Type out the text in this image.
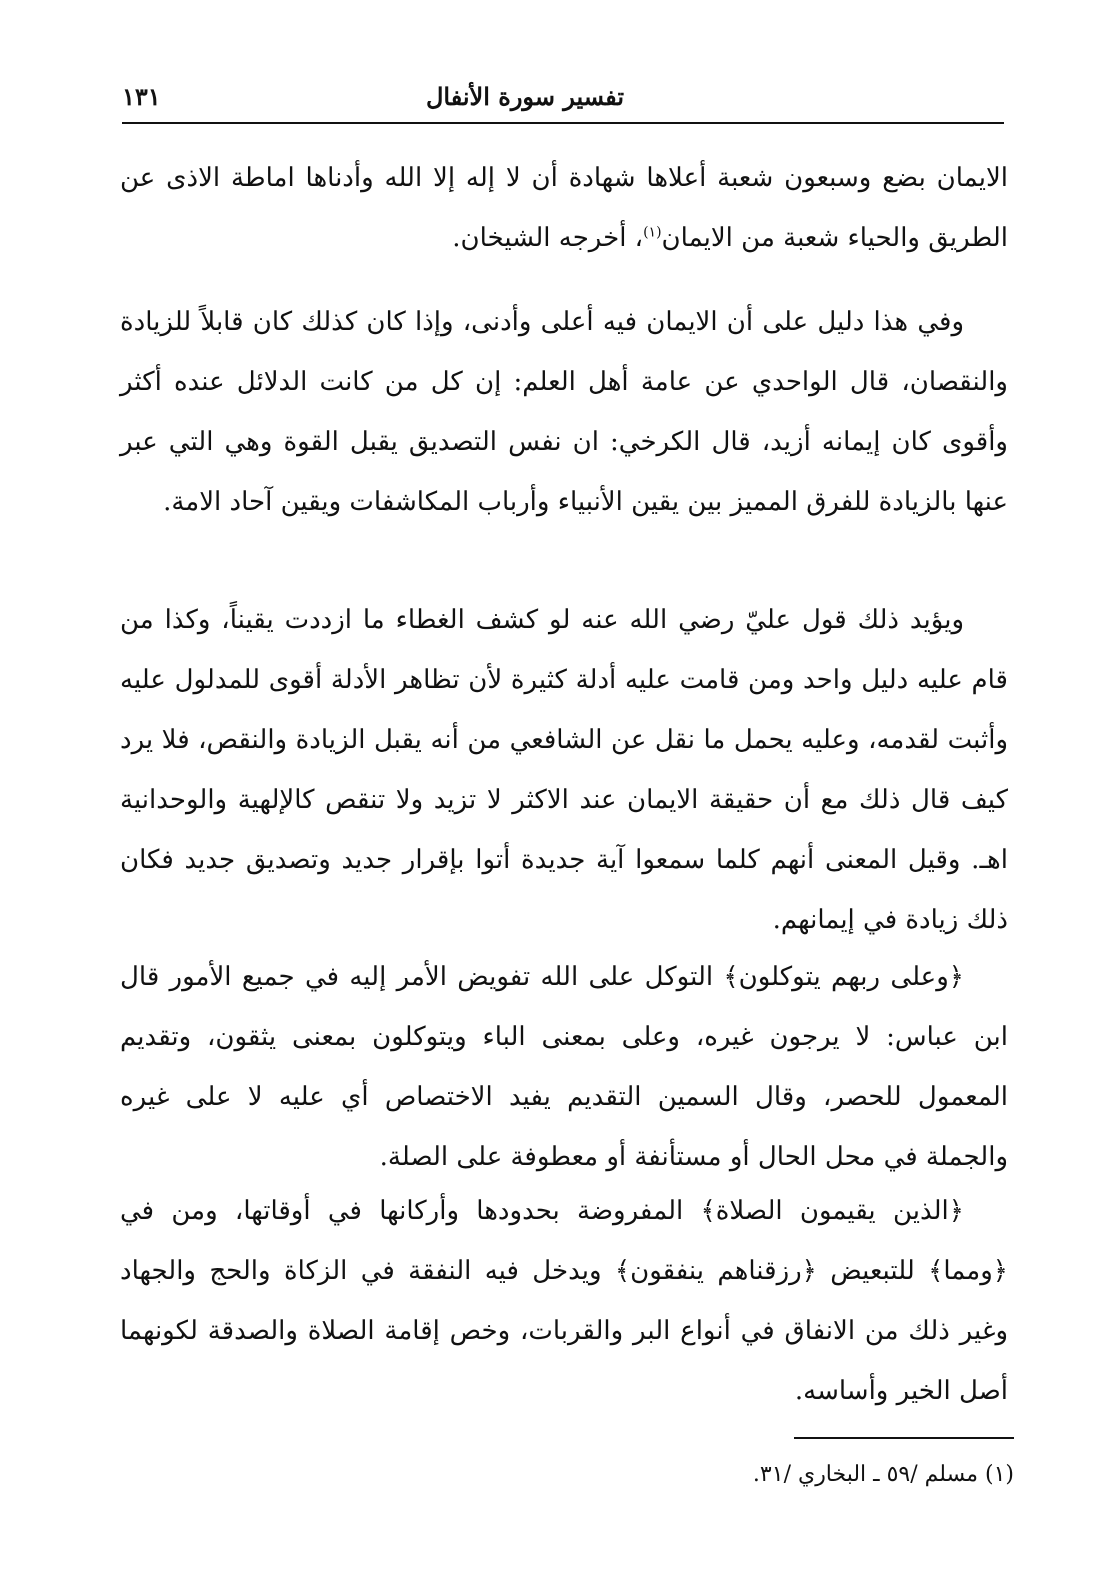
تفسير سورة الأنفال
١٣١
الايمان بضع وسبعون شعبة أعلاها شهادة أن لا إله إلا الله وأدناها اماطة الاذى عن الطريق والحياء شعبة من الايمان$^{(١)}$، أخرجه الشيخان.
وفي هذا دليل على أن الايمان فيه أعلى وأدنى، وإذا كان كذلك كان قابلاً للزيادة والنقصان، قال الواحدي عن عامة أهل العلم: إن كل من كانت الدلائل عنده أكثر وأقوى كان إيمانه أزيد، قال الكرخي: ان نفس التصديق يقبل القوة وهي التي عبر عنها بالزيادة للفرق المميز بين يقين الأنبياء وأرباب المكاشفات ويقين آحاد الامة.
ويؤيد ذلك قول عليّ رضي الله عنه لو كشف الغطاء ما ازددت يقيناً، وكذا من قام عليه دليل واحد ومن قامت عليه أدلة كثيرة لأن تظاهر الأدلة أقوى للمدلول عليه وأثبت لقدمه، وعليه يحمل ما نقل عن الشافعي من أنه يقبل الزيادة والنقص، فلا يرد كيف قال ذلك مع أن حقيقة الايمان عند الاكثر لا تزيد ولا تنقص كالإلهية والوحدانية اهـ. وقيل المعنى أنهم كلما سمعوا آية جديدة أتوا بإقرار جديد وتصديق جديد فكان ذلك زيادة في إيمانهم.
﴿وعلى ربهم يتوكلون﴾ التوكل على الله تفويض الأمر إليه في جميع الأمور قال ابن عباس: لا يرجون غيره، وعلى بمعنى الباء ويتوكلون بمعنى يثقون، وتقديم المعمول للحصر، وقال السمين التقديم يفيد الاختصاص أي عليه لا على غيره والجملة في محل الحال أو مستأنفة أو معطوفة على الصلة.
﴿الذين يقيمون الصلاة﴾ المفروضة بحدودها وأركانها في أوقاتها، ومن في ﴿ومما﴾ للتبعيض ﴿رزقناهم ينفقون﴾ ويدخل فيه النفقة في الزكاة والحج والجهاد وغير ذلك من الانفاق في أنواع البر والقربات، وخص إقامة الصلاة والصدقة لكونهما أصل الخير وأساسه.
(١) مسلم /٥٩ ـ البخاري /٣١.
